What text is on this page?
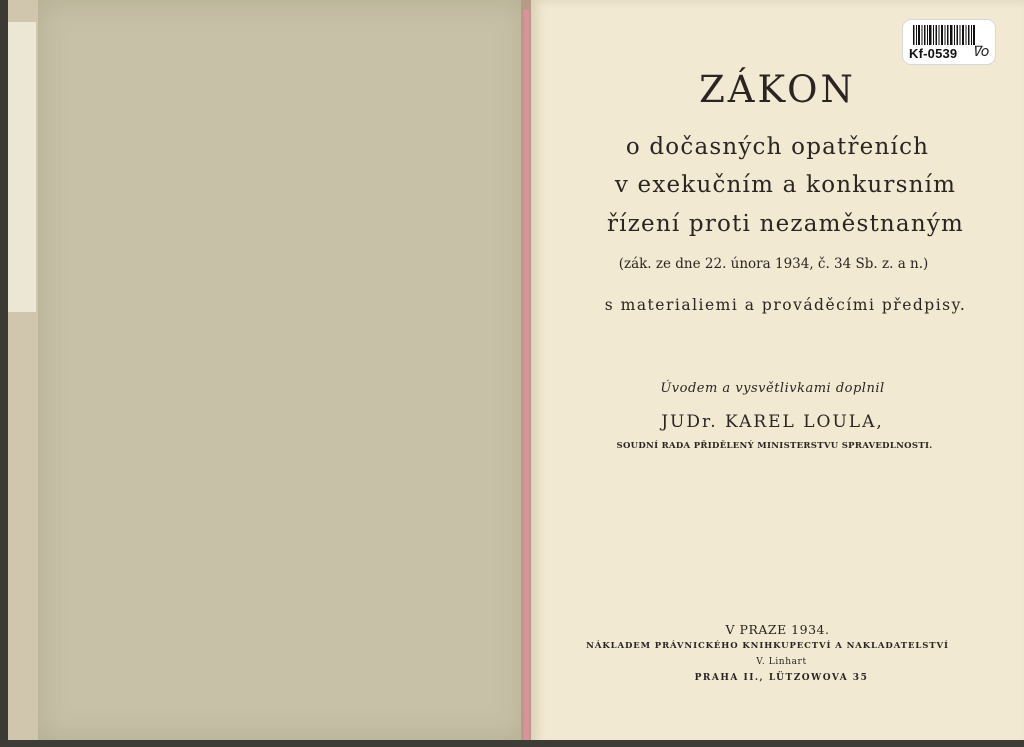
ZÁKON
o dočasných opatřeních
v exekučním a konkursním
řízení proti nezaměstnaným
(zák. ze dne 22. února 1934, č. 34 Sb. z. a n.)
s materialiemi a prováděcími předpisy.
Úvodem a vysvětlivkami doplnil
JUDr. KAREL LOULA,
SOUDNÍ RADA PŘIDĚLENÝ MINISTERSTVU SPRAVEDLNOSTI.
V PRAZE 1934.
NÁKLADEM PRÁVNICKÉHO KNIHKUPECTVÍ A NAKLADATELSTVÍ
V. Linhart
PRAHA II., LÜTZOWOVA 35
Kf-0539 ߜo
